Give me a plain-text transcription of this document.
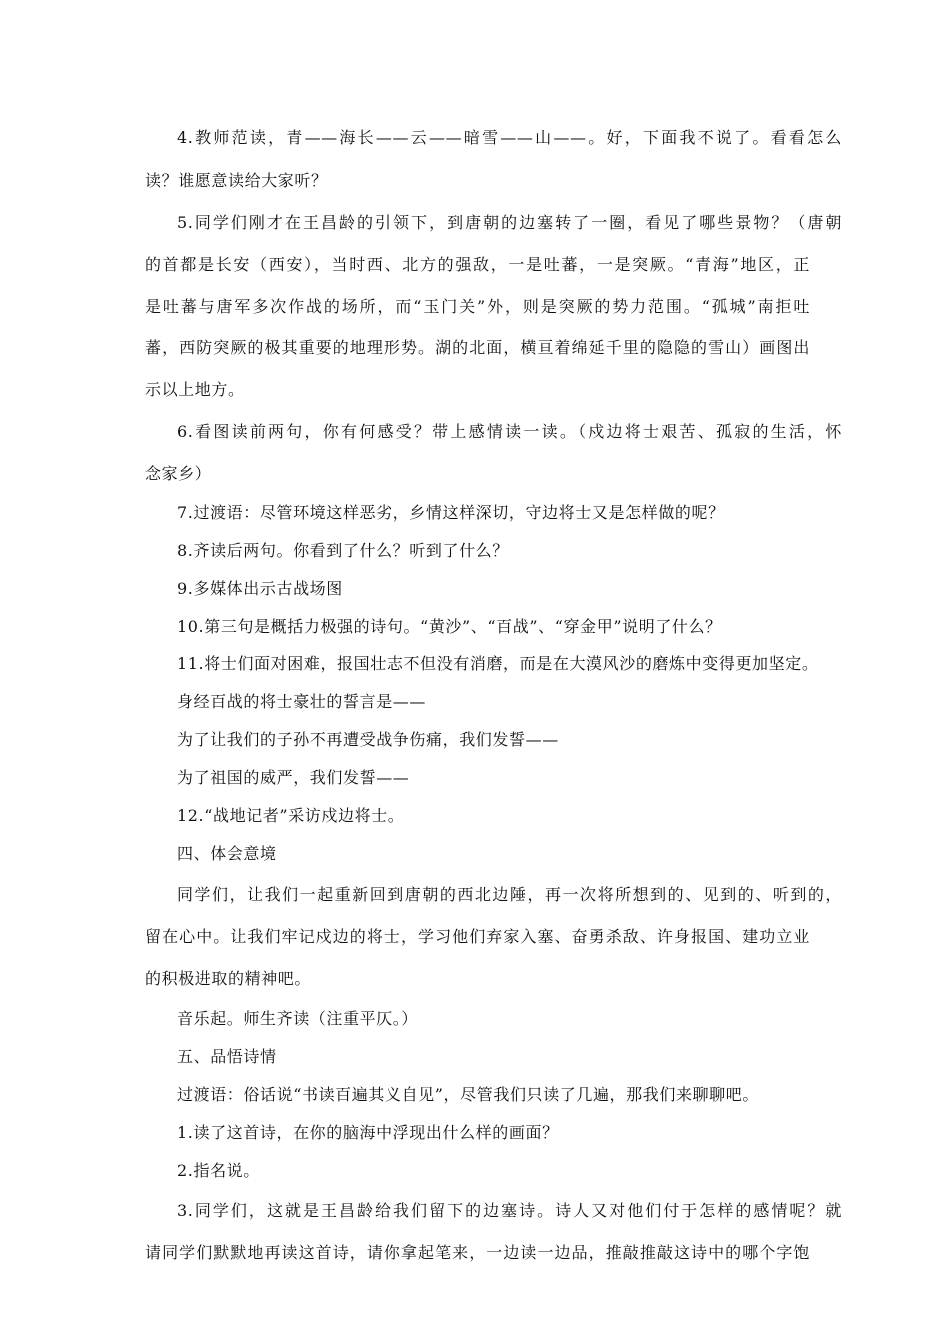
4.教师范读，青——海长——云——暗雪——山——。好，下面我不说了。看看怎么
读？谁愿意读给大家听？
5.同学们刚才在王昌龄的引领下，到唐朝的边塞转了一圈，看见了哪些景物？（唐朝
的首都是长安（西安），当时西、北方的强敌，一是吐蕃，一是突厥。“青海”地区，正
是吐蕃与唐军多次作战的场所，而“玉门关”外，则是突厥的势力范围。“孤城”南拒吐
蕃，西防突厥的极其重要的地理形势。湖的北面，横亘着绵延千里的隐隐的雪山）画图出
示以上地方。
6.看图读前两句，你有何感受？带上感情读一读。（戍边将士艰苦、孤寂的生活，怀
念家乡）
7.过渡语：尽管环境这样恶劣，乡情这样深切，守边将士又是怎样做的呢？
8.齐读后两句。你看到了什么？听到了什么？
9.多媒体出示古战场图
10.第三句是概括力极强的诗句。“黄沙”、“百战”、“穿金甲”说明了什么？
11.将士们面对困难，报国壮志不但没有消磨，而是在大漠风沙的磨炼中变得更加坚定。
身经百战的将士豪壮的誓言是——
为了让我们的子孙不再遭受战争伤痛，我们发誓——
为了祖国的威严，我们发誓——
12.“战地记者”采访戍边将士。
四、体会意境
同学们，让我们一起重新回到唐朝的西北边陲，再一次将所想到的、见到的、听到的，
留在心中。让我们牢记戍边的将士，学习他们弃家入塞、奋勇杀敌、许身报国、建功立业
的积极进取的精神吧。
音乐起。师生齐读（注重平仄。）
五、品悟诗情
过渡语：俗话说“书读百遍其义自见”，尽管我们只读了几遍，那我们来聊聊吧。
1.读了这首诗，在你的脑海中浮现出什么样的画面？
2.指名说。
3.同学们，这就是王昌龄给我们留下的边塞诗。诗人又对他们付于怎样的感情呢？就
请同学们默默地再读这首诗，请你拿起笔来，一边读一边品，推敲推敲这诗中的哪个字饱
